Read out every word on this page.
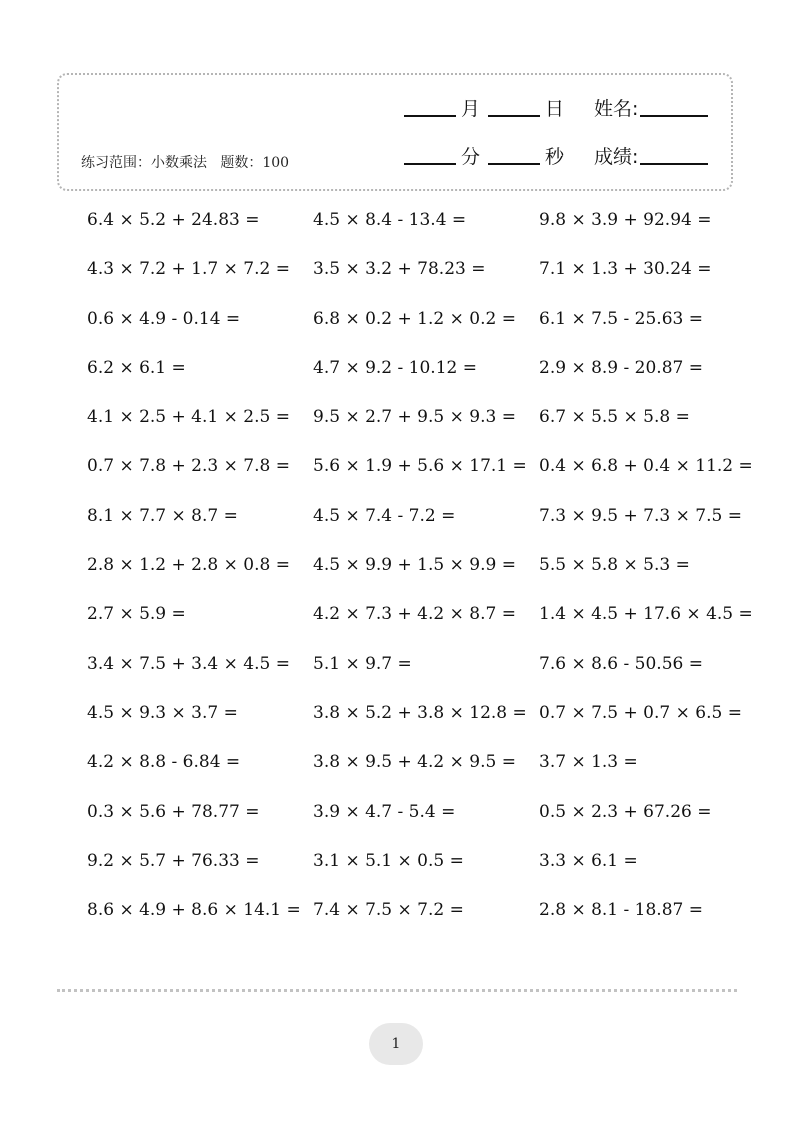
练习范围：小数乘法 题数：100
月	日 姓名:
分	秒 成绩:
6.4 × 5.2 + 24.83 =	4.5 × 8.4 - 13.4 =	9.8 × 3.9 + 92.94 =
4.3 × 7.2 + 1.7 × 7.2 =	3.5 × 3.2 + 78.23 =	7.1 × 1.3 + 30.24 =
0.6 × 4.9 - 0.14 =	6.8 × 0.2 + 1.2 × 0.2 =	6.1 × 7.5 - 25.63 =
6.2 × 6.1 =	4.7 × 9.2 - 10.12 =	2.9 × 8.9 - 20.87 =
4.1 × 2.5 + 4.1 × 2.5 =	9.5 × 2.7 + 9.5 × 9.3 =	6.7 × 5.5 × 5.8 =
0.7 × 7.8 + 2.3 × 7.8 =	5.6 × 1.9 + 5.6 × 17.1 = 0.4 × 6.8 + 0.4 × 11.2 =
8.1 × 7.7 × 8.7 =	4.5 × 7.4 - 7.2 =	7.3 × 9.5 + 7.3 × 7.5 =
2.8 × 1.2 + 2.8 × 0.8 =	4.5 × 9.9 + 1.5 × 9.9 =	5.5 × 5.8 × 5.3 =
2.7 × 5.9 =	4.2 × 7.3 + 4.2 × 8.7 =	1.4 × 4.5 + 17.6 × 4.5 =
3.4 × 7.5 + 3.4 × 4.5 =	5.1 × 9.7 =	7.6 × 8.6 - 50.56 =
4.5 × 9.3 × 3.7 =	3.8 × 5.2 + 3.8 × 12.8 = 0.7 × 7.5 + 0.7 × 6.5 =
4.2 × 8.8 - 6.84 =	3.8 × 9.5 + 4.2 × 9.5 =	3.7 × 1.3 =
0.3 × 5.6 + 78.77 =	3.9 × 4.7 - 5.4 =	0.5 × 2.3 + 67.26 =
9.2 × 5.7 + 76.33 =	3.1 × 5.1 × 0.5 =	3.3 × 6.1 =
8.6 × 4.9 + 8.6 × 14.1 = 7.4 × 7.5 × 7.2 =	2.8 × 8.1 - 18.87 =
1
